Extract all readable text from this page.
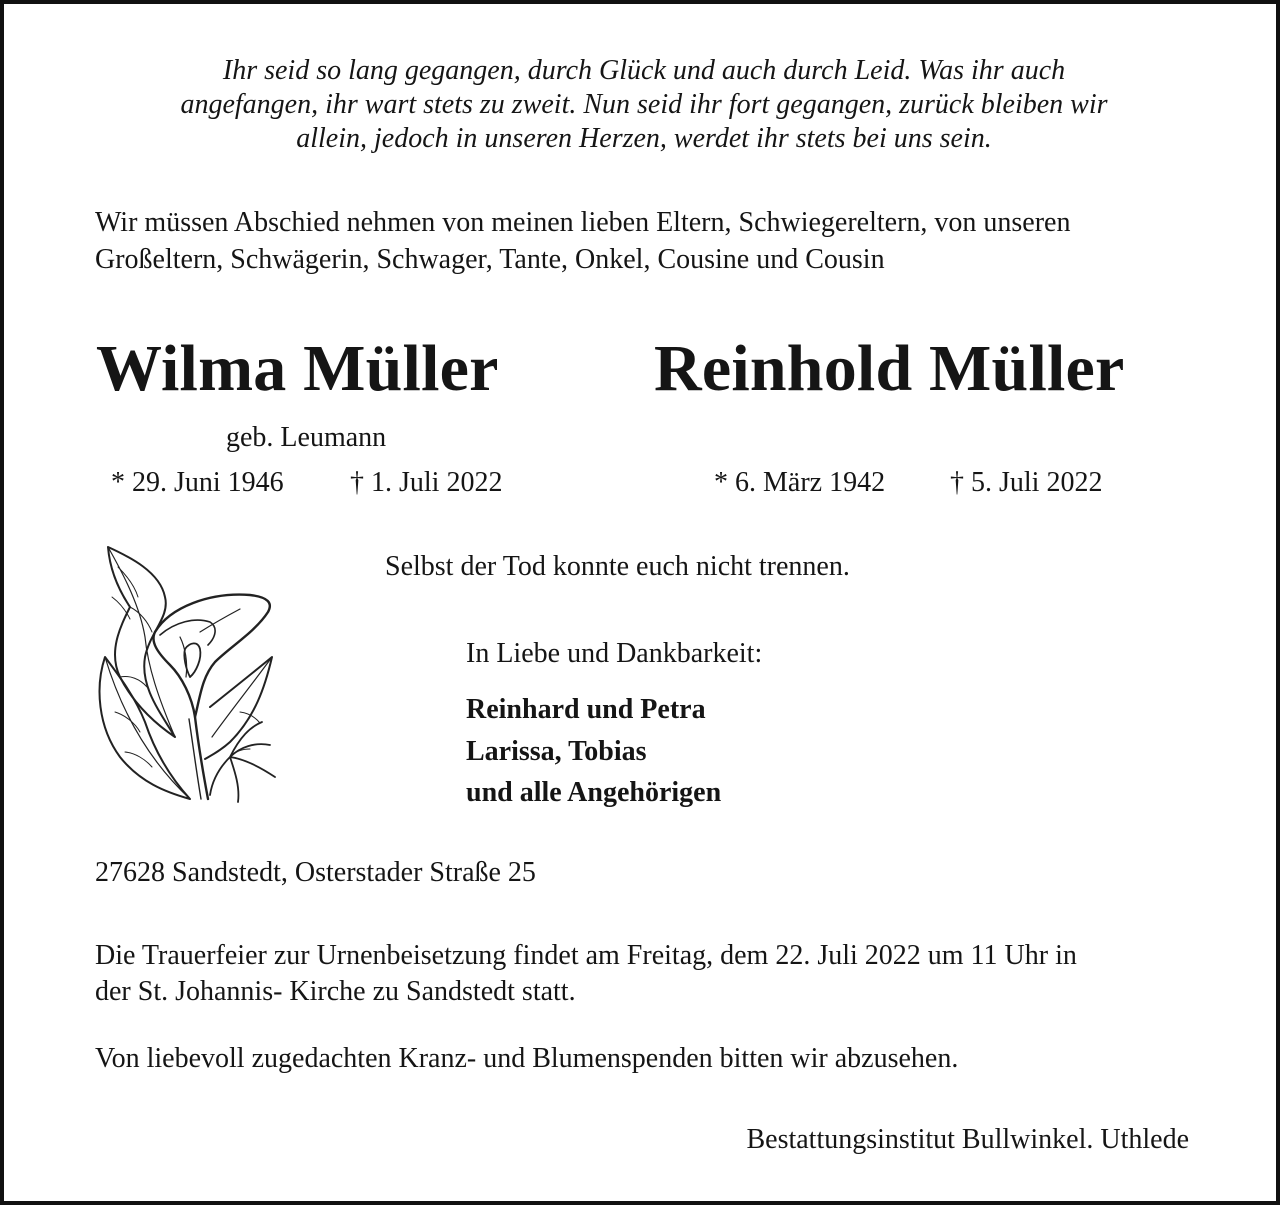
Ihr seid so lang gegangen, durch Glück und auch durch Leid. Was ihr auch
angefangen, ihr wart stets zu zweit. Nun seid ihr fort gegangen, zurück bleiben wir
allein, jedoch in unseren Herzen, werdet ihr stets bei uns sein.
Wir müssen Abschied nehmen von meinen lieben Eltern, Schwiegereltern, von unseren
Großeltern, Schwägerin, Schwager, Tante, Onkel, Cousine und Cousin
Wilma Müller Reinhold Müller
geb. Leumann
* 29. Juni 1946 † 1. Juli 2022	* 6. März 1942 † 5. Juli 2022
Selbst der Tod konnte euch nicht trennen.
In Liebe und Dankbarkeit:
Reinhard und Petra
Larissa, Tobias
und alle Angehörigen
27628 Sandstedt, Osterstader Straße 25
Die Trauerfeier zur Urnenbeisetzung findet am Freitag, dem 22. Juli 2022 um 11 Uhr in
der St. Johannis- Kirche zu Sandstedt statt.
Von liebevoll zugedachten Kranz- und Blumenspenden bitten wir abzusehen.
Bestattungsinstitut Bullwinkel. Uthlede
